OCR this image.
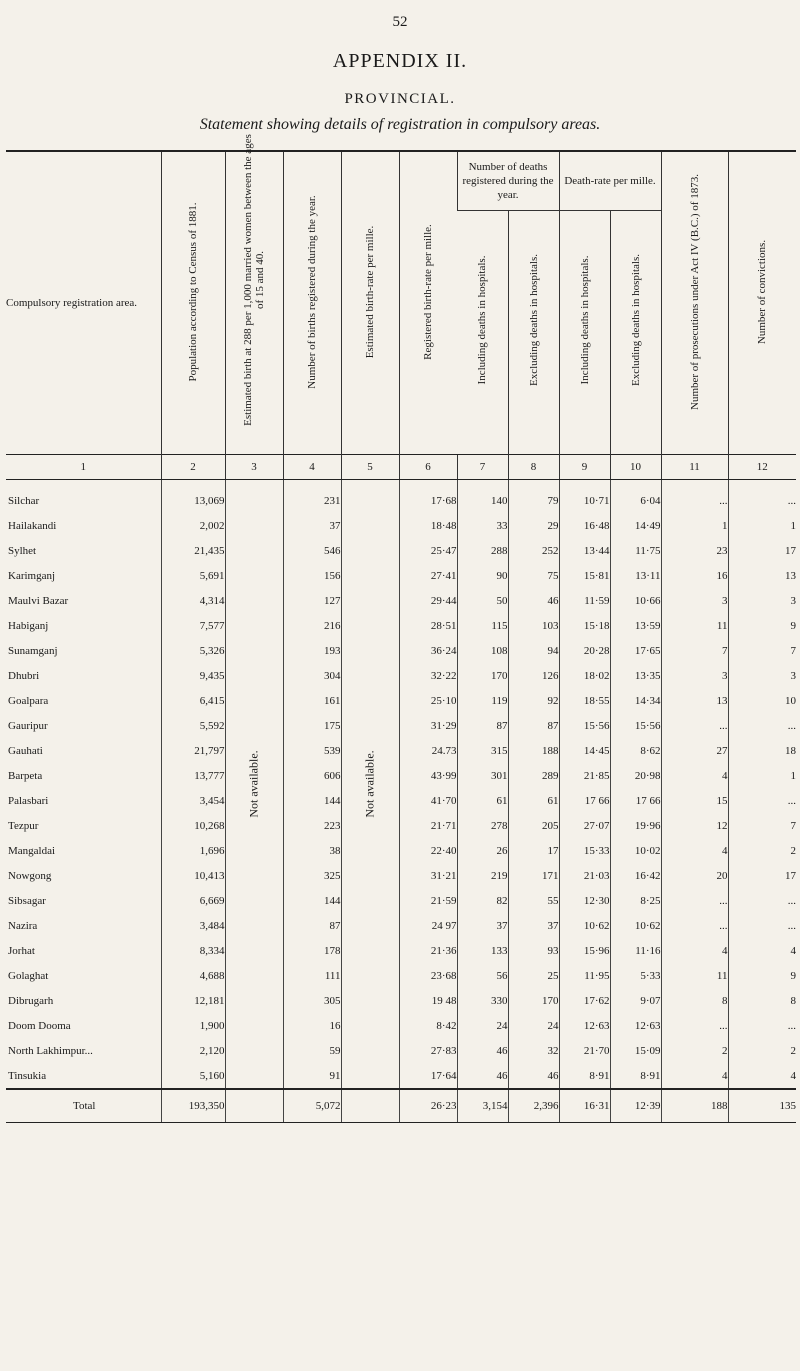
52
APPENDIX II.
PROVINCIAL.
Statement showing details of registration in compulsory areas.
Compulsory registration area.	Population according to Census of 1881.	Estimated birth at 288 per 1,000 married women between the ages of 15 and 40.	Number of births registered during the year.	Estimated birth-rate per mille.	Registered birth-rate per mille.	Number of deaths registered during the year.		Death-rate per mille.		Number of prosecutions under Act IV (B.C.) of 1873.	Number of convictions.

						Including deaths in hospitals.	Excluding deaths in hospitals.	Including deaths in hospitals.	Excluding deaths in hospitals.		

1	2	3	4	5	6	7	8	9	10	11	12
Silchar	13,069	Not available.	231	Not available.	17·68	140	79	10·71	6·04	...	...
Hailakandi	2,002		37		18·48	33	29	16·48	14·49	1	1
Sylhet	21,435		546		25·47	288	252	13·44	11·75	23	17
Karimganj	5,691		156		27·41	90	75	15·81	13·11	16	13
Maulvi Bazar	4,314		127		29·44	50	46	11·59	10·66	3	3
Habiganj	7,577		216		28·51	115	103	15·18	13·59	11	9
Sunamganj	5,326		193		36·24	108	94	20·28	17·65	7	7
Dhubri	9,435		304		32·22	170	126	18·02	13·35	3	3
Goalpara	6,415		161		25·10	119	92	18·55	14·34	13	10
Gauripur	5,592		175		31·29	87	87	15·56	15·56	...	...
Gauhati	21,797		539		24.73	315	188	14·45	8·62	27	18
Barpeta	13,777		606		43·99	301	289	21·85	20·98	4	1
Palasbari	3,454		144		41·70	61	61	17 66	17 66	15	...
Tezpur	10,268		223		21·71	278	205	27·07	19·96	12	7
Mangaldai	1,696		38		22·40	26	17	15·33	10·02	4	2
Nowgong	10,413		325		31·21	219	171	21·03	16·42	20	17
Sibsagar	6,669		144		21·59	82	55	12·30	8·25	...	...
Nazira	3,484		87		24 97	37	37	10·62	10·62	...	...
Jorhat	8,334		178		21·36	133	93	15·96	11·16	4	4
Golaghat	4,688		111		23·68	56	25	11·95	5·33	11	9
Dibrugarh	12,181		305		19 48	330	170	17·62	9·07	8	8
Doom Dooma	1,900		16		8·42	24	24	12·63	12·63	...	...
North Lakhimpur...	2,120		59		27·83	46	32	21·70	15·09	2	2
Tinsukia	5,160		91		17·64	46	46	8·91	8·91	4	4
Total	193,350		5,072		26·23	3,154	2,396	16·31	12·39	188	135
